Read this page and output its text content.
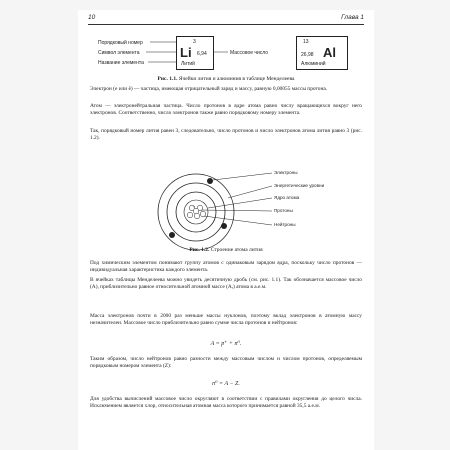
10	Глава 1
Порядковый номер
Символ элемента
Название элемента
3
Li 6,94
Литий
Массовое число
13
26,98 Al
Алюминий
Рис. 1.1. Ячейки лития и алюминия в таблице Менделеева
Электрон (e или ē) — частица, имеющая отрицательный заряд и массу, равную 0,00055 массы протона.
Атом — электронейтральная частица. Число протонов в ядре атома равно числу вращающихся вокруг него электронов. Соответственно, число электронов также равно порядковому номеру элемента.
Так, порядковый номер лития равен 3, следовательно, число протонов и число электронов атома лития равно 3 (рис. 1.2).
+
Электроны
Энергетические уровни
Ядро атома
Протоны
Нейтроны
Рис. 1.2. Строение атома лития
Под химическим элементом понимают группу атомов с одинаковым зарядом ядра, поскольку число протонов — индивидуальная характеристика каждого элемента.
В ячейках таблицы Менделеева можно увидеть десятичную дробь (см. рис. 1.1). Так обозначается массовое число (A), приблизительно равное относительной атомной массе (Aᵣ) атома в а.е.м.
Масса электронов почти в 2000 раз меньше массы нуклонов, поэтому вклад электронов в атомную массу незначителен. Массовое число приблизительно равно сумме числа протонов и нейтронов:
A = p⁺ + n⁰.
Таким образом, число нейтронов равно разности между массовым числом и числом протонов, определяемым порядковым номером элемента (Z):
n⁰ = A − Z.
Для удобства вычислений массовое число округляют в соответствии с правилами округления до целого числа. Исключением является хлор, относительная атомная масса которого принимается равной 35,5 а.е.м.
